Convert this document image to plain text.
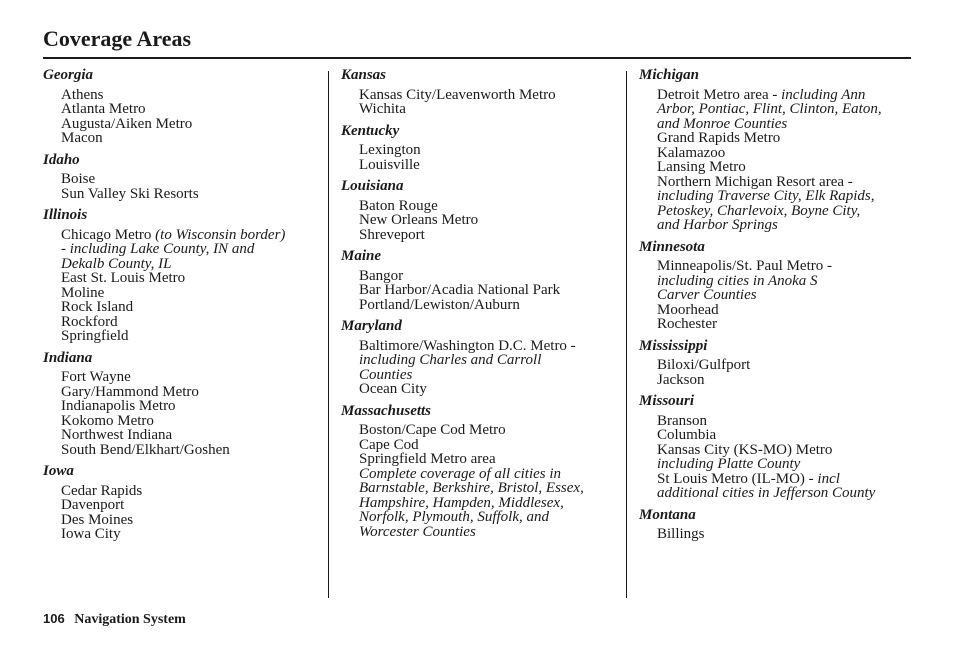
Coverage Areas
Georgia
Athens
Atlanta Metro
Augusta/Aiken Metro
Macon
Idaho
Boise
Sun Valley Ski Resorts
Illinois
Chicago Metro (to Wisconsin border)
- including Lake County, IN and
Dekalb County, IL
East St. Louis Metro
Moline
Rock Island
Rockford
Springfield
Indiana
Fort Wayne
Gary/Hammond Metro
Indianapolis Metro
Kokomo Metro
Northwest Indiana
South Bend/Elkhart/Goshen
Iowa
Cedar Rapids
Davenport
Des Moines
Iowa City
Kansas
Kansas City/Leavenworth Metro
Wichita
Kentucky
Lexington
Louisville
Louisiana
Baton Rouge
New Orleans Metro
Shreveport
Maine
Bangor
Bar Harbor/Acadia National Park
Portland/Lewiston/Auburn
Maryland
Baltimore/Washington D.C. Metro -
including Charles and Carroll
Counties
Ocean City
Massachusetts
Boston/Cape Cod Metro
Cape Cod
Springfield Metro area
Complete coverage of all cities in
Barnstable, Berkshire, Bristol, Essex,
Hampshire, Hampden, Middlesex,
Norfolk, Plymouth, Suffolk, and
Worcester Counties
Michigan
Detroit Metro area - including Ann
Arbor, Pontiac, Flint, Clinton, Eaton,
and Monroe Counties
Grand Rapids Metro
Kalamazoo
Lansing Metro
Northern Michigan Resort area -
including Traverse City, Elk Rapids,
Petoskey, Charlevoix, Boyne City,
and Harbor Springs
Minnesota
Minneapolis/St. Paul Metro -
including cities in Anoka S
Carver Counties
Moorhead
Rochester
Mississippi
Biloxi/Gulfport
Jackson
Missouri
Branson
Columbia
Kansas City (KS-MO) Metro
including Platte County
St Louis Metro (IL-MO) - incl
additional cities in Jefferson County
Montana
Billings
106 Navigation System
